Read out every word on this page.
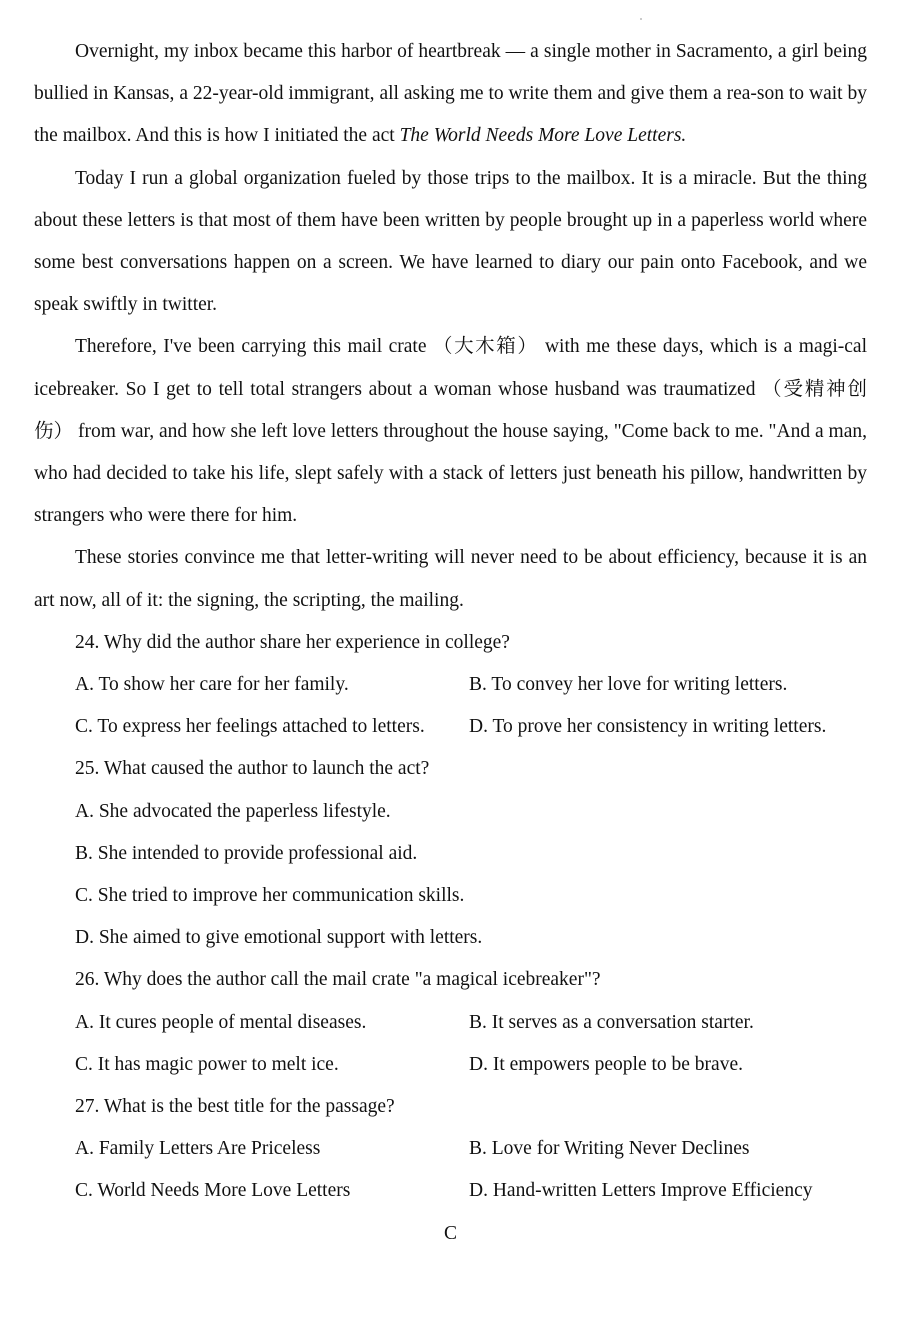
Overnight, my inbox became this harbor of heartbreak — a single mother in Sacramento, a girl being bullied in Kansas, a 22-year-old immigrant, all asking me to write them and give them a rea-son to wait by the mailbox. And this is how I initiated the act The World Needs More Love Letters.

Today I run a global organization fueled by those trips to the mailbox. It is a miracle. But the thing about these letters is that most of them have been written by people brought up in a paperless world where some best conversations happen on a screen. We have learned to diary our pain onto Facebook, and we speak swiftly in twitter.

Therefore, I've been carrying this mail crate （大木箱） with me these days, which is a magi-cal icebreaker. So I get to tell total strangers about a woman whose husband was traumatized （受精神创伤） from war, and how she left love letters throughout the house saying, "Come back to me. "And a man, who had decided to take his life, slept safely with a stack of letters just beneath his pillow, handwritten by strangers who were there for him.

These stories convince me that letter-writing will never need to be about efficiency, because it is an art now, all of it: the signing, the scripting, the mailing.

24. Why did the author share her experience in college?

A. To show her care for her family.	B. To convey her love for writing letters.
C. To express her feelings attached to letters.	D. To prove her consistency in writing letters.

25. What caused the author to launch the act?

A. She advocated the paperless lifestyle.

B. She intended to provide professional aid.

C. She tried to improve her communication skills.

D. She aimed to give emotional support with letters.

26. Why does the author call the mail crate "a magical icebreaker"?

A. It cures people of mental diseases.	B. It serves as a conversation starter.
C. It has magic power to melt ice.	D. It empowers people to be brave.

27. What is the best title for the passage?

A. Family Letters Are Priceless	B. Love for Writing Never Declines
C. World Needs More Love Letters	D. Hand-written Letters Improve Efficiency

C
